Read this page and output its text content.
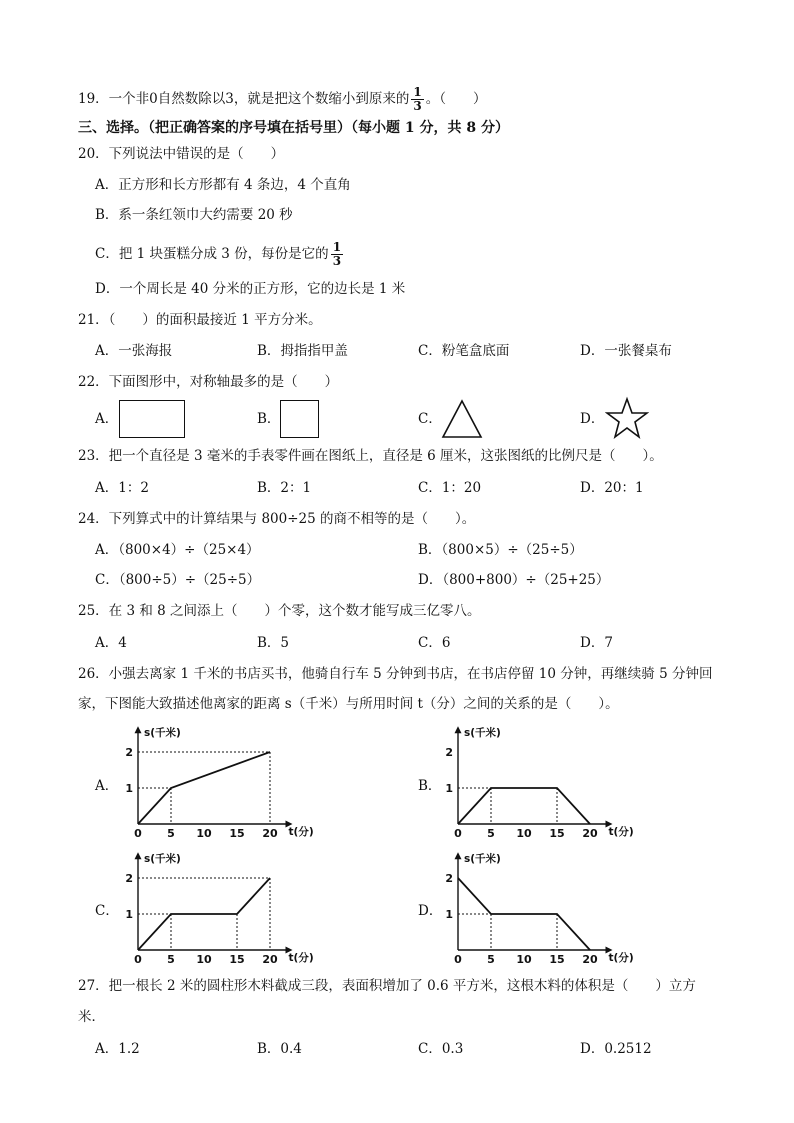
19．一个非0自然数除以3，就是把这个数缩小到原来的 $\frac{1}{3}$ 。（　　）
三、选择。（把正确答案的序号填在括号里）（每小题 1 分，共 8 分）
20．下列说法中错误的是（　　）
A．正方形和长方形都有 4 条边，4 个直角
B．系一条红领巾大约需要 20 秒
C．把 1 块蛋糕分成 3 份，每份是它的 $\frac{1}{3}$
D．一个周长是 40 分米的正方形，它的边长是 1 米
21．（　　）的面积最接近 1 平方分米。
A．一张海报	B．拇指指甲盖	C．粉笔盒底面	D．一张餐桌布
22．下面图形中，对称轴最多的是（　　）
A．	B．	C．	D．
23．把一个直径是 3 毫米的手表零件画在图纸上，直径是 6 厘米，这张图纸的比例尺是（　　）。
A．1：2	B．2：1	C．1：20	D．20：1
24．下列算式中的计算结果与 800÷25 的商不相等的是（　　）。
A．（800×4）÷（25×4）	B．（800×5）÷（25÷5）
C．（800÷5）÷（25÷5）	D．（800+800）÷（25+25）
25．在 3 和 8 之间添上（　　）个零，这个数才能写成三亿零八。
A．4	B．5	C．6	D．7
26．小强去离家 1 千米的书店买书，他骑自行车 5 分钟到书店，在书店停留 10 分钟，再继续骑 5 分钟回
家，下图能大致描述他离家的距离 s（千米）与所用时间 t（分）之间的关系的是（　　）。
A．	B．
C．	D．
s(千米)
t(分)
0 5 10 15 20
1
2
s(千米)
t(分)
0 5 10 15 20
1
2
s(千米)
t(分)
0 5 10 15 20
1
2
s(千米)
t(分)
0 5 10 15 20
1
2
27．把一根长 2 米的圆柱形木料截成三段，表面积增加了 0.6 平方米，这根木料的体积是（　　）立方
米．
A．1.2	B．0.4	C．0.3	D．0.2512
